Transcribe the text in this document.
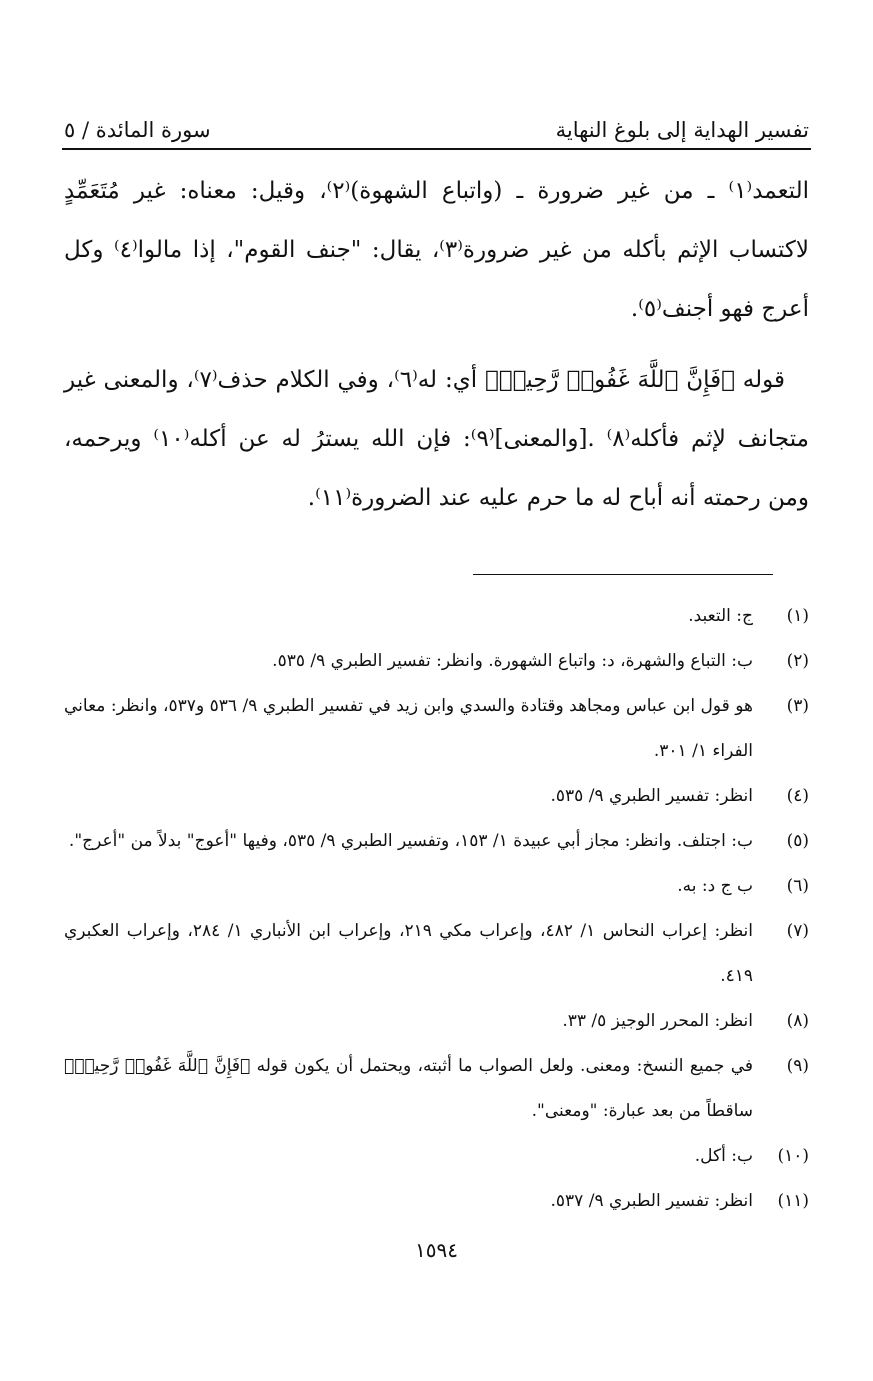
تفسير الهداية إلى بلوغ النهاية
سورة المائدة / ٥

التعمد⁽١⁾ ـ من غير ضرورة ـ (واتباع الشهوة)⁽٢⁾، وقيل: معناه: غير مُتَعَمِّدٍ لاكتساب الإثم بأكله من غير ضرورة⁽٣⁾، يقال: "جنف القوم"، إذا مالوا⁽٤⁾ وكل أعرج فهو أجنف⁽٥⁾.

قوله ﴿فَإِنَّ ٱللَّهَ غَفُورٞ رَّحِيمٞ﴾ أي: له⁽٦⁾، وفي الكلام حذف⁽٧⁾، والمعنى غير متجانف لإثم فأكله⁽٨⁾ .[والمعنى]⁽٩⁾: فإن الله يسترُ له عن أكله⁽١٠⁾ ويرحمه، ومن رحمته أنه أباح له ما حرم عليه عند الضرورة⁽١١⁾.

(١)
ج: التعبد.
(٢)
ب: التباع والشهرة، د: واتباع الشهورة. وانظر: تفسير الطبري ٩/ ٥٣٥.
(٣)
هو قول ابن عباس ومجاهد وقتادة والسدي وابن زيد في تفسير الطبري ٩/ ٥٣٦ و٥٣٧، وانظر: معاني الفراء ١/ ٣٠١.
(٤)
انظر: تفسير الطبري ٩/ ٥٣٥.
(٥)
ب: اجتلف. وانظر: مجاز أبي عبيدة ١/ ١٥٣، وتفسير الطبري ٩/ ٥٣٥، وفيها "أعوج" بدلاً من "أعرج".
(٦)
ب ج د: به.
(٧)
انظر: إعراب النحاس ١/ ٤٨٢، وإعراب مكي ٢١٩، وإعراب ابن الأنباري ١/ ٢٨٤، وإعراب العكبري ٤١٩.
(٨)
انظر: المحرر الوجيز ٥/ ٣٣.
(٩)
في جميع النسخ: ومعنى. ولعل الصواب ما أثبته، ويحتمل أن يكون قوله ﴿فَإِنَّ ٱللَّهَ غَفُورٞ رَّحِيمٞ﴾ ساقطاً من بعد عبارة: "ومعنى".
(١٠)
ب: أكل.
(١١)
انظر: تفسير الطبري ٩/ ٥٣٧.
١٥٩٤
